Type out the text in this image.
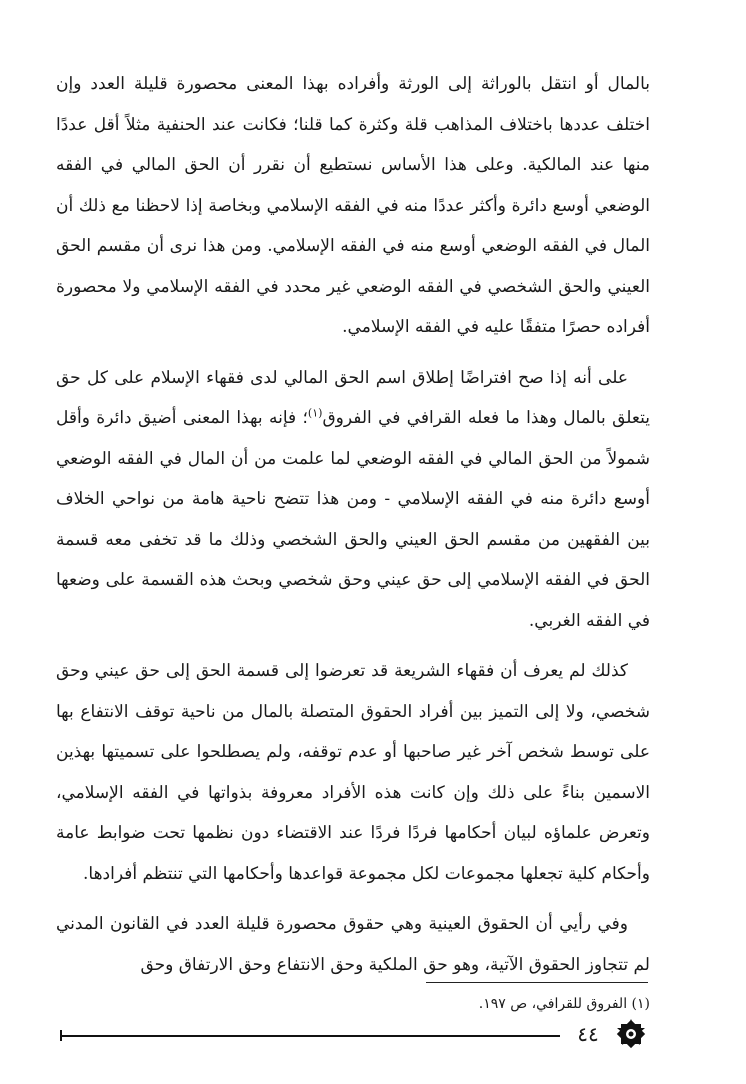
بالمال أو انتقل بالوراثة إلى الورثة وأفراده بهذا المعنى محصورة قليلة العدد وإن اختلف عددها باختلاف المذاهب قلة وكثرة كما قلنا؛ فكانت عند الحنفية مثلاً أقل عددًا منها عند المالكية. وعلى هذا الأساس نستطيع أن نقرر أن الحق المالي في الفقه الوضعي أوسع دائرة وأكثر عددًا منه في الفقه الإسلامي وبخاصة إذا لاحظنا مع ذلك أن المال في الفقه الوضعي أوسع منه في الفقه الإسلامي. ومن هذا نرى أن مقسم الحق العيني والحق الشخصي في الفقه الوضعي غير محدد في الفقه الإسلامي ولا محصورة أفراده حصرًا متفقًا عليه في الفقه الإسلامي.

على أنه إذا صح افتراضًا إطلاق اسم الحق المالي لدى فقهاء الإسلام على كل حق يتعلق بالمال وهذا ما فعله القرافي في الفروق$^{(١)}$؛ فإنه بهذا المعنى أضيق دائرة وأقل شمولاً من الحق المالي في الفقه الوضعي لما علمت من أن المال في الفقه الوضعي أوسع دائرة منه في الفقه الإسلامي - ومن هذا تتضح ناحية هامة من نواحي الخلاف بين الفقهين من مقسم الحق العيني والحق الشخصي وذلك ما قد تخفى معه قسمة الحق في الفقه الإسلامي إلى حق عيني وحق شخصي وبحث هذه القسمة على وضعها في الفقه الغربي.

كذلك لم يعرف أن فقهاء الشريعة قد تعرضوا إلى قسمة الحق إلى حق عيني وحق شخصي، ولا إلى التميز بين أفراد الحقوق المتصلة بالمال من ناحية توقف الانتفاع بها على توسط شخص آخر غير صاحبها أو عدم توقفه، ولم يصطلحوا على تسميتها بهذين الاسمين بناءً على ذلك وإن كانت هذه الأفراد معروفة بذواتها في الفقه الإسلامي، وتعرض علماؤه لبيان أحكامها فردًا فردًا عند الاقتضاء دون نظمها تحت ضوابط عامة وأحكام كلية تجعلها مجموعات لكل مجموعة قواعدها وأحكامها التي تنتظم أفرادها.

وفي رأيي أن الحقوق العينية وهي حقوق محصورة قليلة العدد في القانون المدني لم تتجاوز الحقوق الآتية، وهو حق الملكية وحق الانتفاع وحق الارتفاق وحق

(١) الفروق للقرافي، ص ١٩٧.
٤٤
